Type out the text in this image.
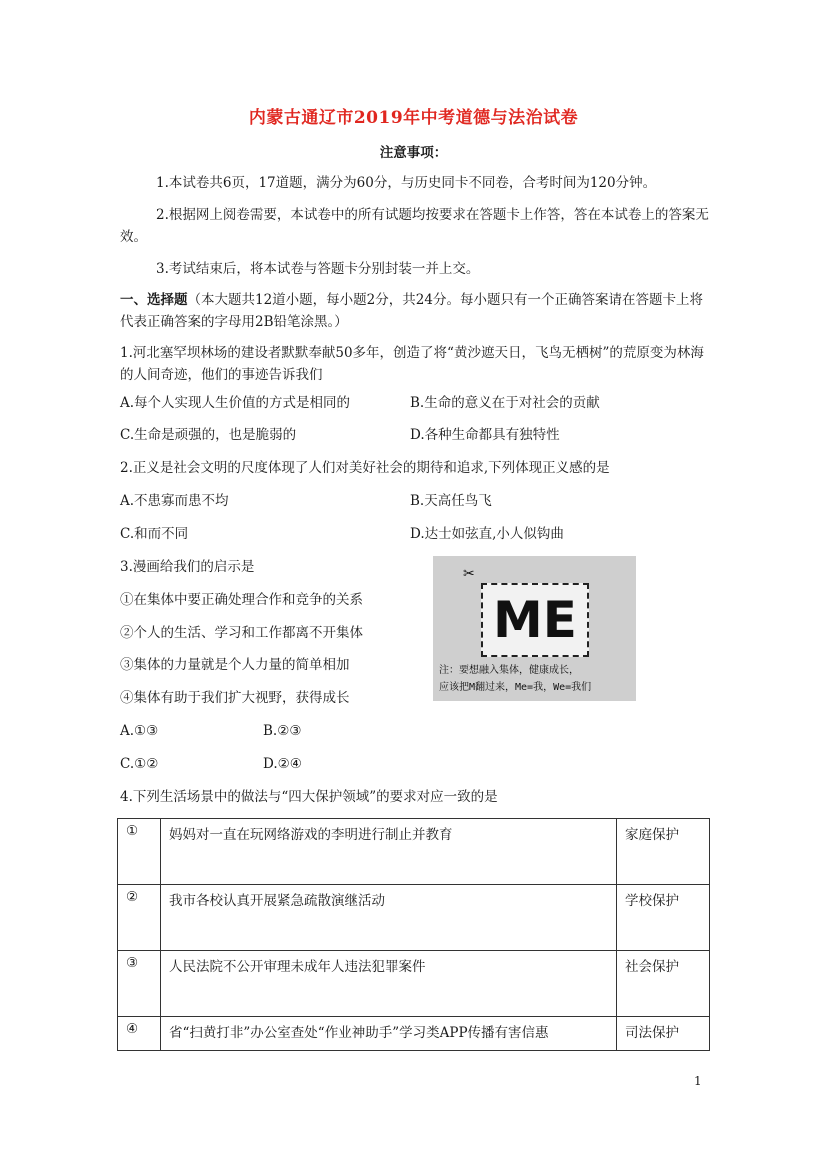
内蒙古通辽市2019年中考道德与法治试卷
注意事项：
1.本试卷共6页，17道题，满分为60分，与历史同卡不同卷，合考时间为120分钟。
2.根据网上阅卷需要，本试卷中的所有试题均按要求在答题卡上作答，答在本试卷上的答案无效。
3.考试结束后，将本试卷与答题卡分别封装一并上交。
一、选择题（本大题共12道小题，每小题2分，共24分。每小题只有一个正确答案请在答题卡上将代表正确答案的字母用2B铅笔涂黑。）
1.河北塞罕坝林场的建设者默默奉献50多年，创造了将“黄沙遮天日，飞鸟无栖树”的荒原变为林海的人间奇迹，他们的事迹告诉我们
A.每个人实现人生价值的方式是相同的	B.生命的意义在于对社会的贡献
C.生命是顽强的，也是脆弱的	D.各种生命都具有独特性
2.正义是社会文明的尺度体现了人们对美好社会的期待和追求,下列体现正义感的是
A.不患寡而患不均	B.天高任鸟飞
C.和而不同	D.达士如弦直,小人似钩曲
3.漫画给我们的启示是
①在集体中要正确处理合作和竞争的关系
②个人的生活、学习和工作都离不开集体
③集体的力量就是个人力量的简单相加
④集体有助于我们扩大视野，获得成长
A.①③	B.②③
C.①②	D.②④
✂
ME
注：要想融入集体，健康成长，
应该把M翻过来，Me=我，We=我们
4.下列生活场景中的做法与“四大保护领域”的要求对应一致的是
①	妈妈对一直在玩网络游戏的李明进行制止并教育	家庭保护
②	我市各校认真开展紧急疏散演继活动	学校保护
③	人民法院不公开审理未成年人违法犯罪案件	社会保护
④	省“扫黄打非”办公室查处“作业神助手”学习类APP传播有害信惠	司法保护
1
